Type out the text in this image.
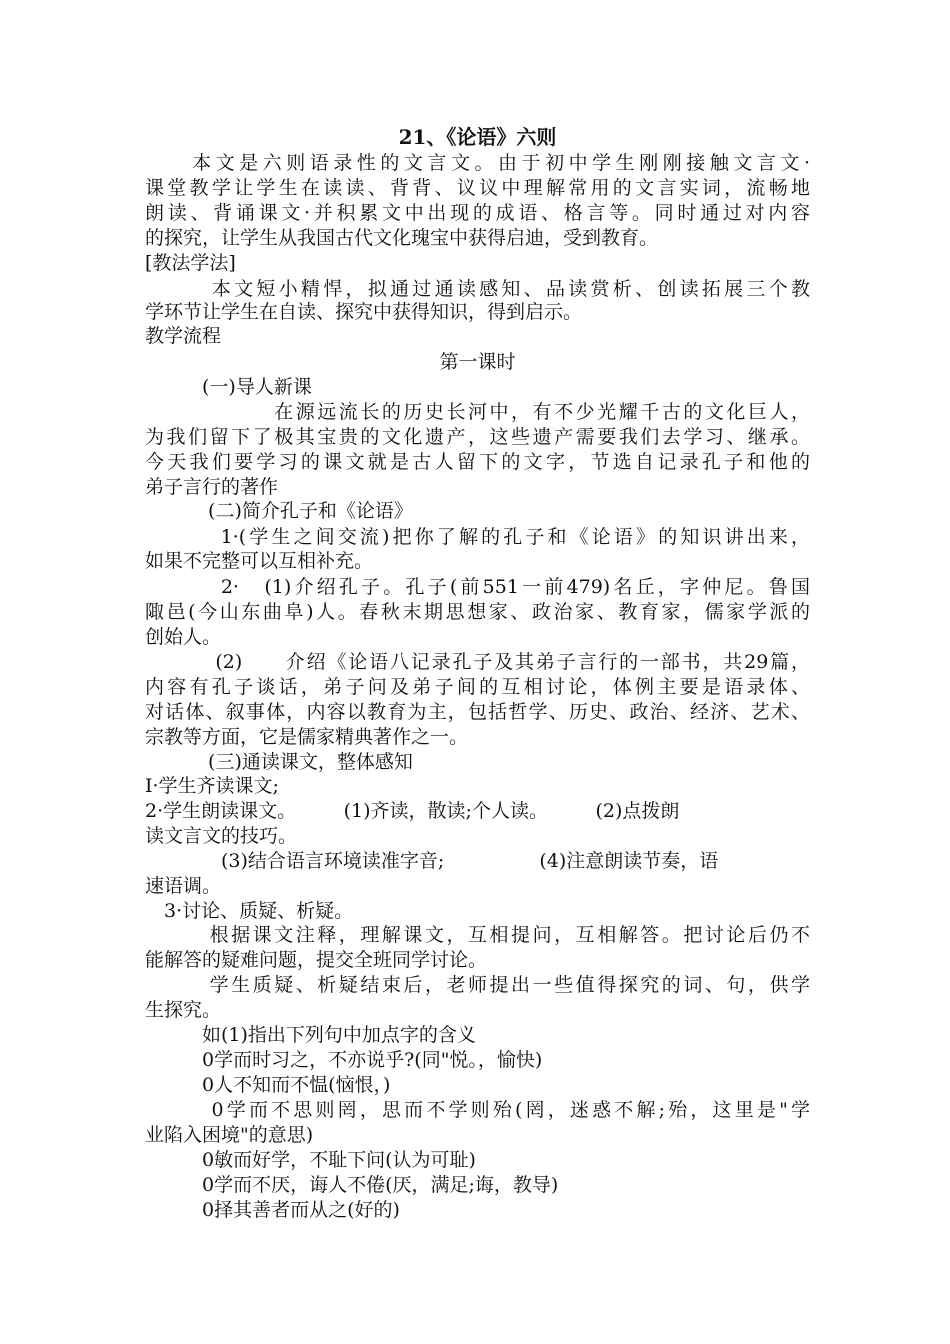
21、《论语》六则
　　本文是六则语录性的文言文。由于初中学生刚刚接触文言文·
课堂教学让学生在读读、背背、议议中理解常用的文言实词，流畅地
朗读、背诵课文·并积累文中出现的成语、格言等。同时通过对内容
的探究，让学生从我国古代文化瑰宝中获得启迪，受到教育。
[教法学法]
　　　本文短小精悍，拟通过通读感知、品读赏析、创读拓展三个教
学环节让学生在自读、探究中获得知识，得到启示。
教学流程
第一课时
　　　(一)导人新课
　　　　　　在源远流长的历史长河中，有不少光耀千古的文化巨人，
为我们留下了极其宝贵的文化遗产，这些遗产需要我们去学习、继承。
今天我们要学习的课文就是古人留下的文字，节选自记录孔子和他的
弟子言行的著作
　　　 (二)简介孔子和《论语》
　　　 1·(学生之间交流)把你了解的孔子和《论语》的知识讲出来，
如果不完整可以互相补充。
　　　 2·　(1)介绍孔子。孔子(前551一前479)名丘，字仲尼。鲁国
陬邑(今山东曲阜)人。春秋末期思想家、政治家、教育家，儒家学派的
创始人。
　　　 (2)　　介绍《论语八记录孔子及其弟子言行的一部书，共29篇，
内容有孔子谈话，弟子问及弟子间的互相讨论，体例主要是语录体、
对话体、叙事体，内容以教育为主，包括哲学、历史、政治、经济、艺术、
宗教等方面，它是儒家精典著作之一。
　　　 (三)通读课文，整体感知
I·学生齐读课文;
2·学生朗读课文。　　　(1)齐读，散读;个人读。　　　(2)点拨朗
读文言文的技巧。
　　　　(3)结合语言环境读准字音;　　　　　(4)注意朗读节奏，语
速语调。
　3·讨论、质疑、析疑。
　　　根据课文注释，理解课文，互相提问，互相解答。把讨论后仍不
能解答的疑难问题，提交全班同学讨论。
　　　学生质疑、析疑结束后，老师提出一些值得探究的词、句，供学
生探究。
　　　如(1)指出下列句中加点字的含义
　　　0学而时习之，不亦说乎?(同"悦。，愉快)
　　　0人不知而不愠(恼恨，)
　　　0学而不思则罔，思而不学则殆(罔，迷惑不解;殆，这里是"学
业陷入困境"的意思)
　　　0敏而好学，不耻下问(认为可耻)
　　　0学而不厌，诲人不倦(厌，满足;诲，教导)
　　　0择其善者而从之(好的)
